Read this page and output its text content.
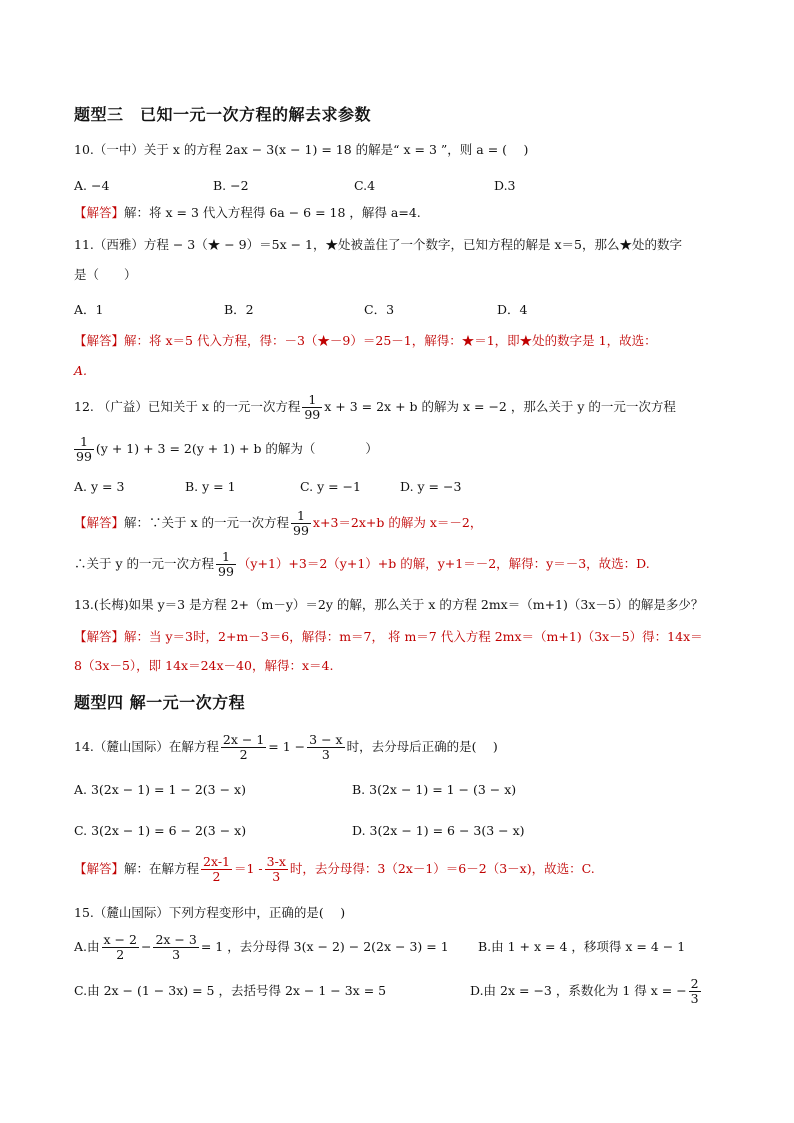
题型三　已知一元一次方程的解去求参数
10.（一中）关于 x 的方程 2ax − 3(x − 1) = 18 的解是“ x = 3 ”，则 a = (　 )
A. −4	B. −2	C.4	D.3
【解答】解：将 x = 3 代入方程得 6a − 6 = 18 ，解得 a=4.
11.（西雅）方程 − 3（★ − 9）＝5x − 1，★处被盖住了一个数字，已知方程的解是 x＝5，那么★处的数字
是（　　）
A．1	B．2	C．3	D．4
【解答】解：将 x＝5 代入方程，得：－3（★－9）＝25－1，解得：★＝1，即★处的数字是 1，故选：
A.
12. （广益）已知关于 x 的一元一次方程 $\frac{1}{99}$ x + 3 = 2x + b 的解为 x = −2 ，那么关于 y 的一元一次方程
$\frac{1}{99} (y + 1) + 3 = 2(y + 1) + b$ 的解为（　　　　）
A. y = 3	B. y = 1	C. y = −1	D. y = −3
【解答】解：∵关于 x 的一元一次方程 $\frac{1}{99} x+3=2x+b$ 的解为 x＝－2，
∴关于 y 的一元一次方程 $\frac{1}{99} (y+1)+3=2(y+1)+b$ 的解，y+1＝－2，解得：y＝－3，故选：D.
13.(长梅)如果 y＝3 是方程 2+（m－y）＝2y 的解，那么关于 x 的方程 2mx＝（m+1)（3x－5）的解是多少？
【解答】解：当 y＝3时，2+m－3＝6，解得：m＝7， 将 m＝7 代入方程 2mx＝（m+1)（3x－5）得：14x＝
8（3x－5），即 14x＝24x－40，解得：x＝4.
题型四 解一元一次方程
14.（麓山国际）在解方程 $\frac{2x - 1}{2} = 1 - \frac{3 - x}{3}$ 时，去分母后正确的是(　 )
A. 3(2x − 1) = 1 − 2(3 − x)	B. 3(2x − 1) = 1 − (3 − x)
C. 3(2x − 1) = 6 − 2(3 − x)	D. 3(2x − 1) = 6 − 3(3 − x)
【解答】解：在解方程 $\frac{2x-1}{2} =1 - \frac{3-x}{3}$ 时，去分母得：3（2x－1）＝6－2（3－x)，故选：C.
15.（麓山国际）下列方程变形中，正确的是(　 )
A.由 $\frac{x - 2}{2} - \frac{2x - 3}{3} = 1$ ，去分母得 3(x − 2) − 2(2x − 3) = 1 B.由 1 + x = 4 ，移项得 x = 4 − 1
C.由 2x − (1 − 3x) = 5 ，去括号得 2x − 1 − 3x = 5	D.由 2x = −3 ，系数化为 1 得 x = − $\frac{2}{3}$
